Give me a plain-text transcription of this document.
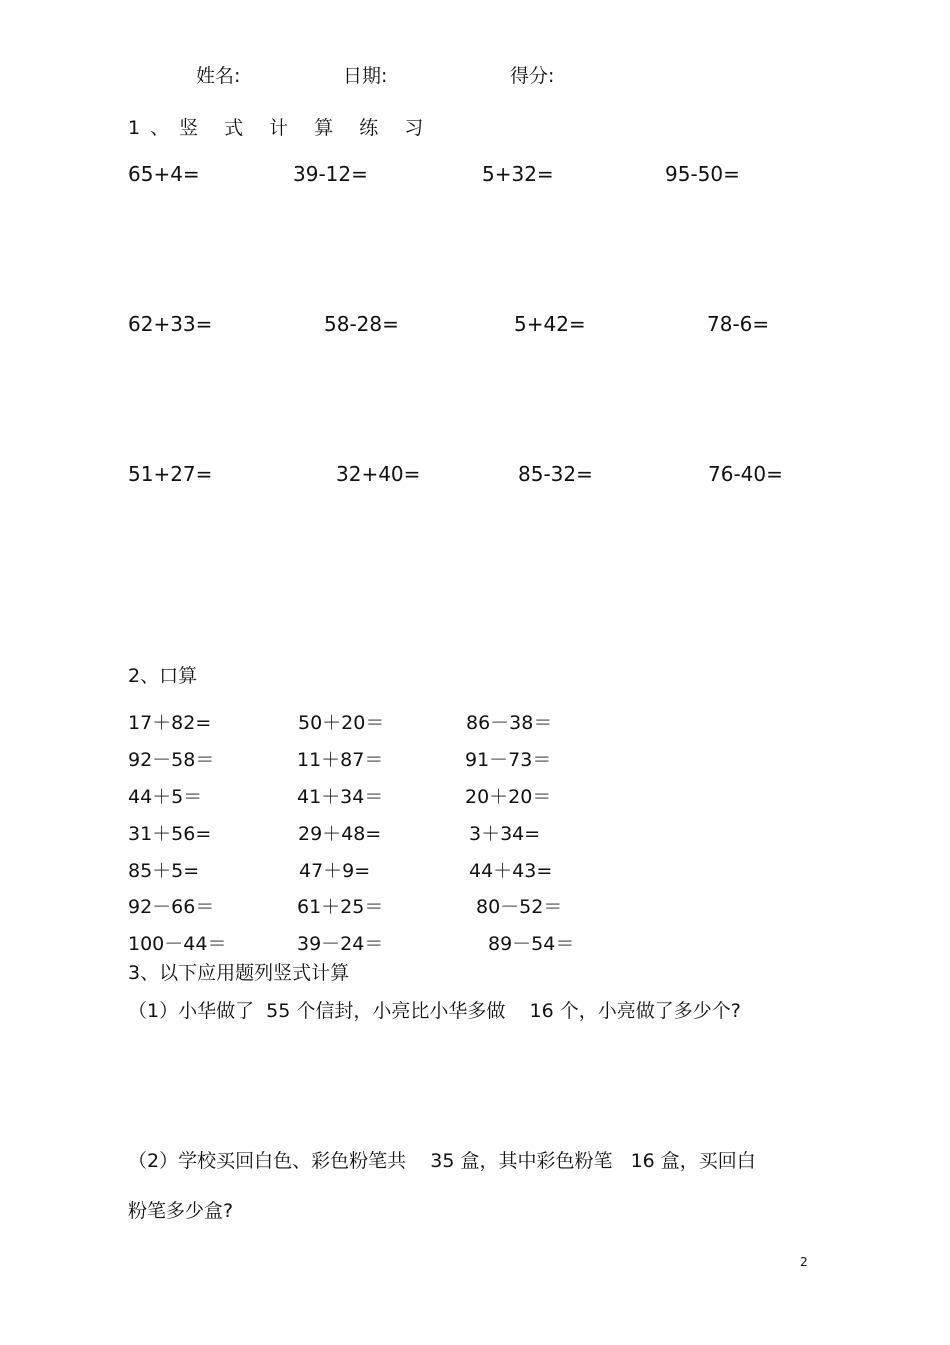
姓名:	日期:	得分:
1、竖 式 计 算 练 习
65+4=	39-12=	5+32=	95-50=
62+33=	58-28=	5+42=	78-6=
51+27=	32+40=	85-32=	76-40=
2、口算
17＋82=	50＋20＝	86－38＝
92－58＝	11＋87＝	91－73＝
44＋5＝	41＋34＝	20＋20＝
31＋56=	29＋48=	3＋34=
85＋5=	47＋9=	44＋43=
92－66＝	61＋25＝	80－52＝
100－44＝	39－24＝	89－54＝
3、以下应用题列竖式计算
（1）小华做了  55 个信封，小亮比小华多做    16 个，小亮做了多少个?
（2）学校买回白色、彩色粉笔共    35 盒，其中彩色粉笔   16 盒，买回白
粉笔多少盒?
2
